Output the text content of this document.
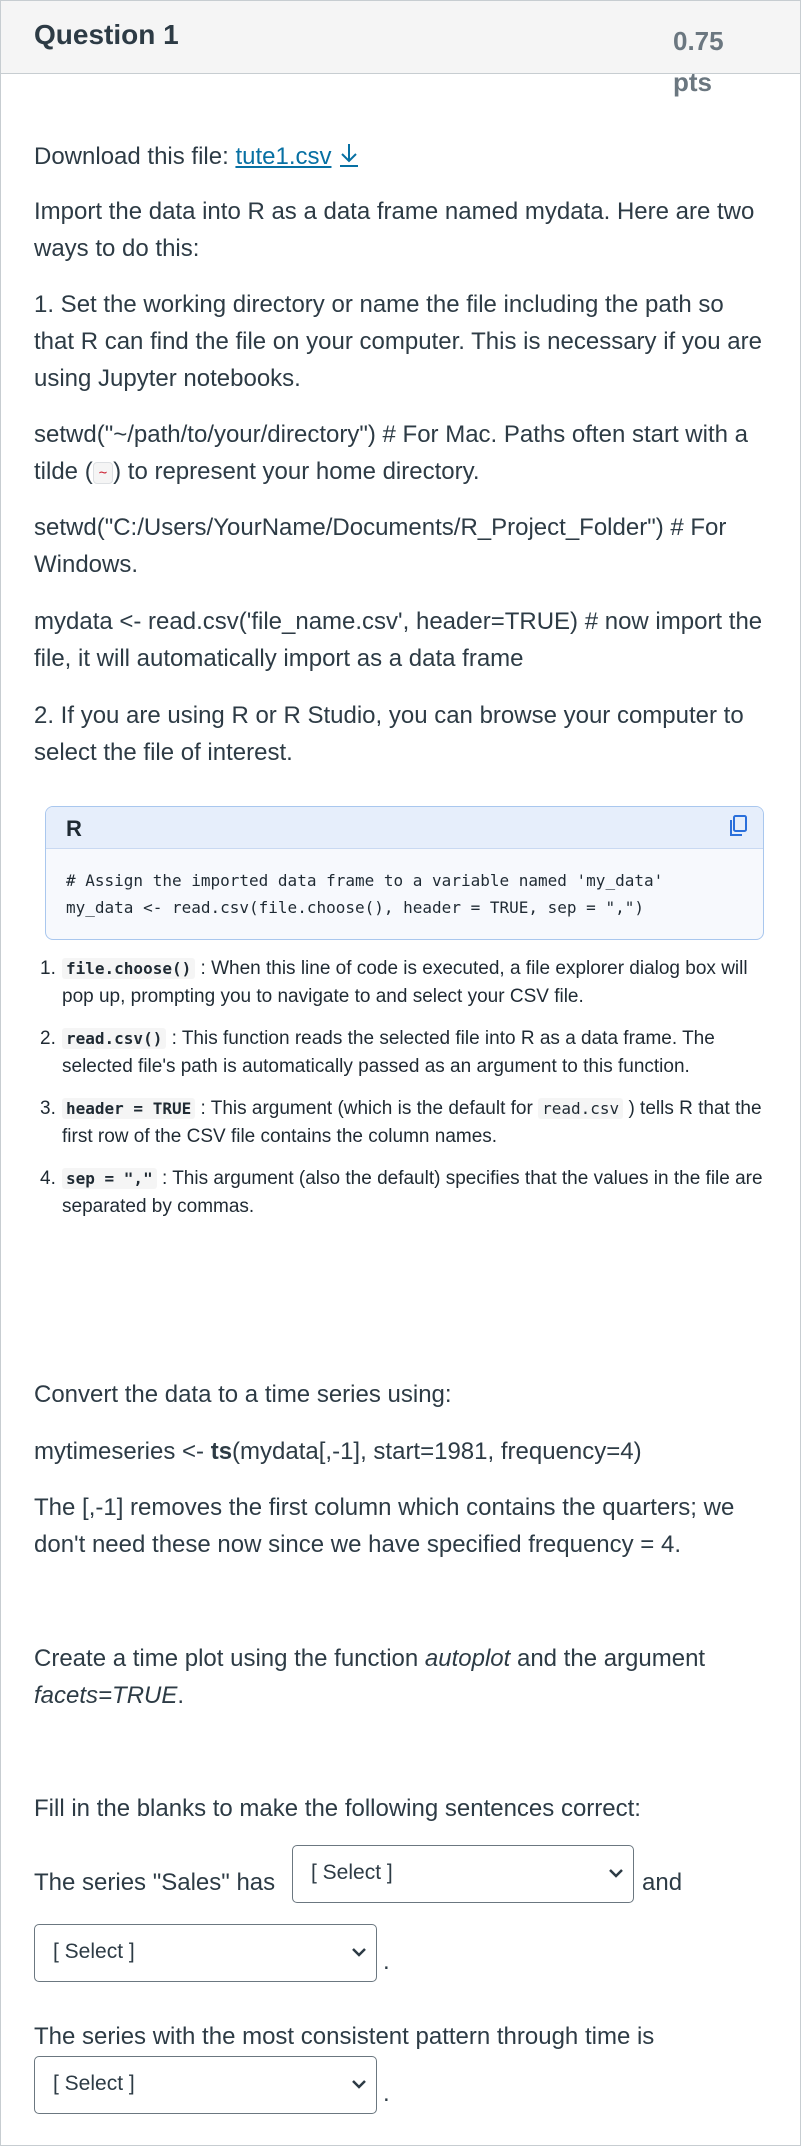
Question 1	0.75 pts

Download this file: tute1.csv

Import the data into R as a data frame named mydata. Here are two ways to do this:

1. Set the working directory or name the file including the path so that R can find the file on your computer. This is necessary if you are using Jupyter notebooks.

setwd("~/path/to/your/directory") # For Mac. Paths often start with a tilde ( ~ ) to represent your home directory.

setwd("C:/Users/YourName/Documents/R_Project_Folder") # For Windows.

mydata <- read.csv('file_name.csv', header=TRUE) # now import the file, it will automatically import as a data frame

2. If you are using R or R Studio, you can browse your computer to select the file of interest.

R
# Assign the imported data frame to a variable named 'my_data'
my_data <- read.csv(file.choose(), header = TRUE, sep = ",")
1. file.choose() : When this line of code is executed, a file explorer dialog box will pop up, prompting you to navigate to and select your CSV file.
2. read.csv() : This function reads the selected file into R as a data frame. The selected file's path is automatically passed as an argument to this function.
3. header = TRUE : This argument (which is the default for read.csv ) tells R that the first row of the CSV file contains the column names.
4. sep = "," : This argument (also the default) specifies that the values in the file are separated by commas.

Convert the data to a time series using:

mytimeseries <- ts(mydata[,-1], start=1981, frequency=4)

The [,-1] removes the first column which contains the quarters; we don't need these now since we have specified frequency = 4.

Create a time plot using the function autoplot and the argument facets=TRUE.

Fill in the blanks to make the following sentences correct:

The series "Sales" has [ Select ]	and
[ Select ]	.

The series with the most consistent pattern through time is

[ Select ]	.
